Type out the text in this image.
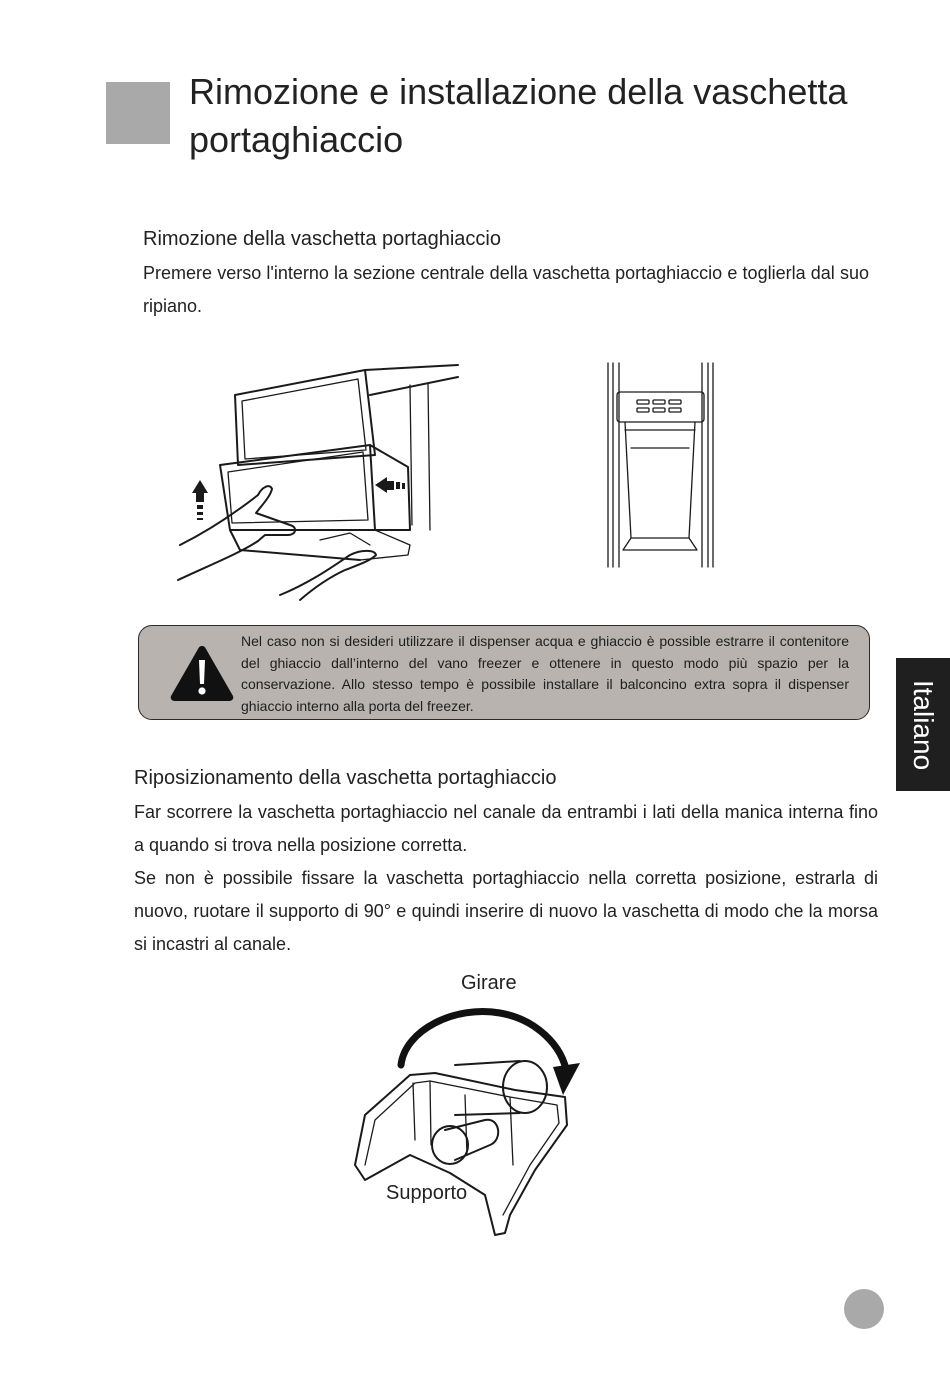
Rimozione e installazione della vaschetta portaghiaccio
Rimozione della vaschetta portaghiaccio

Premere verso l'interno la sezione centrale della vaschetta portaghiaccio e toglierla dal suo ripiano.

Nel caso non si desideri utilizzare il dispenser acqua e ghiaccio è possible estrarre il contenitore del ghiaccio dall’interno del vano freezer e ottenere in questo modo più spazio per la conservazione. Allo stesso tempo è possibile installare il balconcino extra sopra il dispenser ghiaccio interno alla porta del freezer.	Italiano
Riposizionamento della vaschetta portaghiaccio

Far scorrere la vaschetta portaghiaccio nel canale da entrambi i lati della manica interna fino a quando si trova nella posizione corretta.

Se non è possibile fissare la vaschetta portaghiaccio nella corretta posizione, estrarla di nuovo, ruotare il supporto di 90° e quindi inserire di nuovo la vaschetta di modo che la morsa si incastri al canale.

Girare
Supporto
